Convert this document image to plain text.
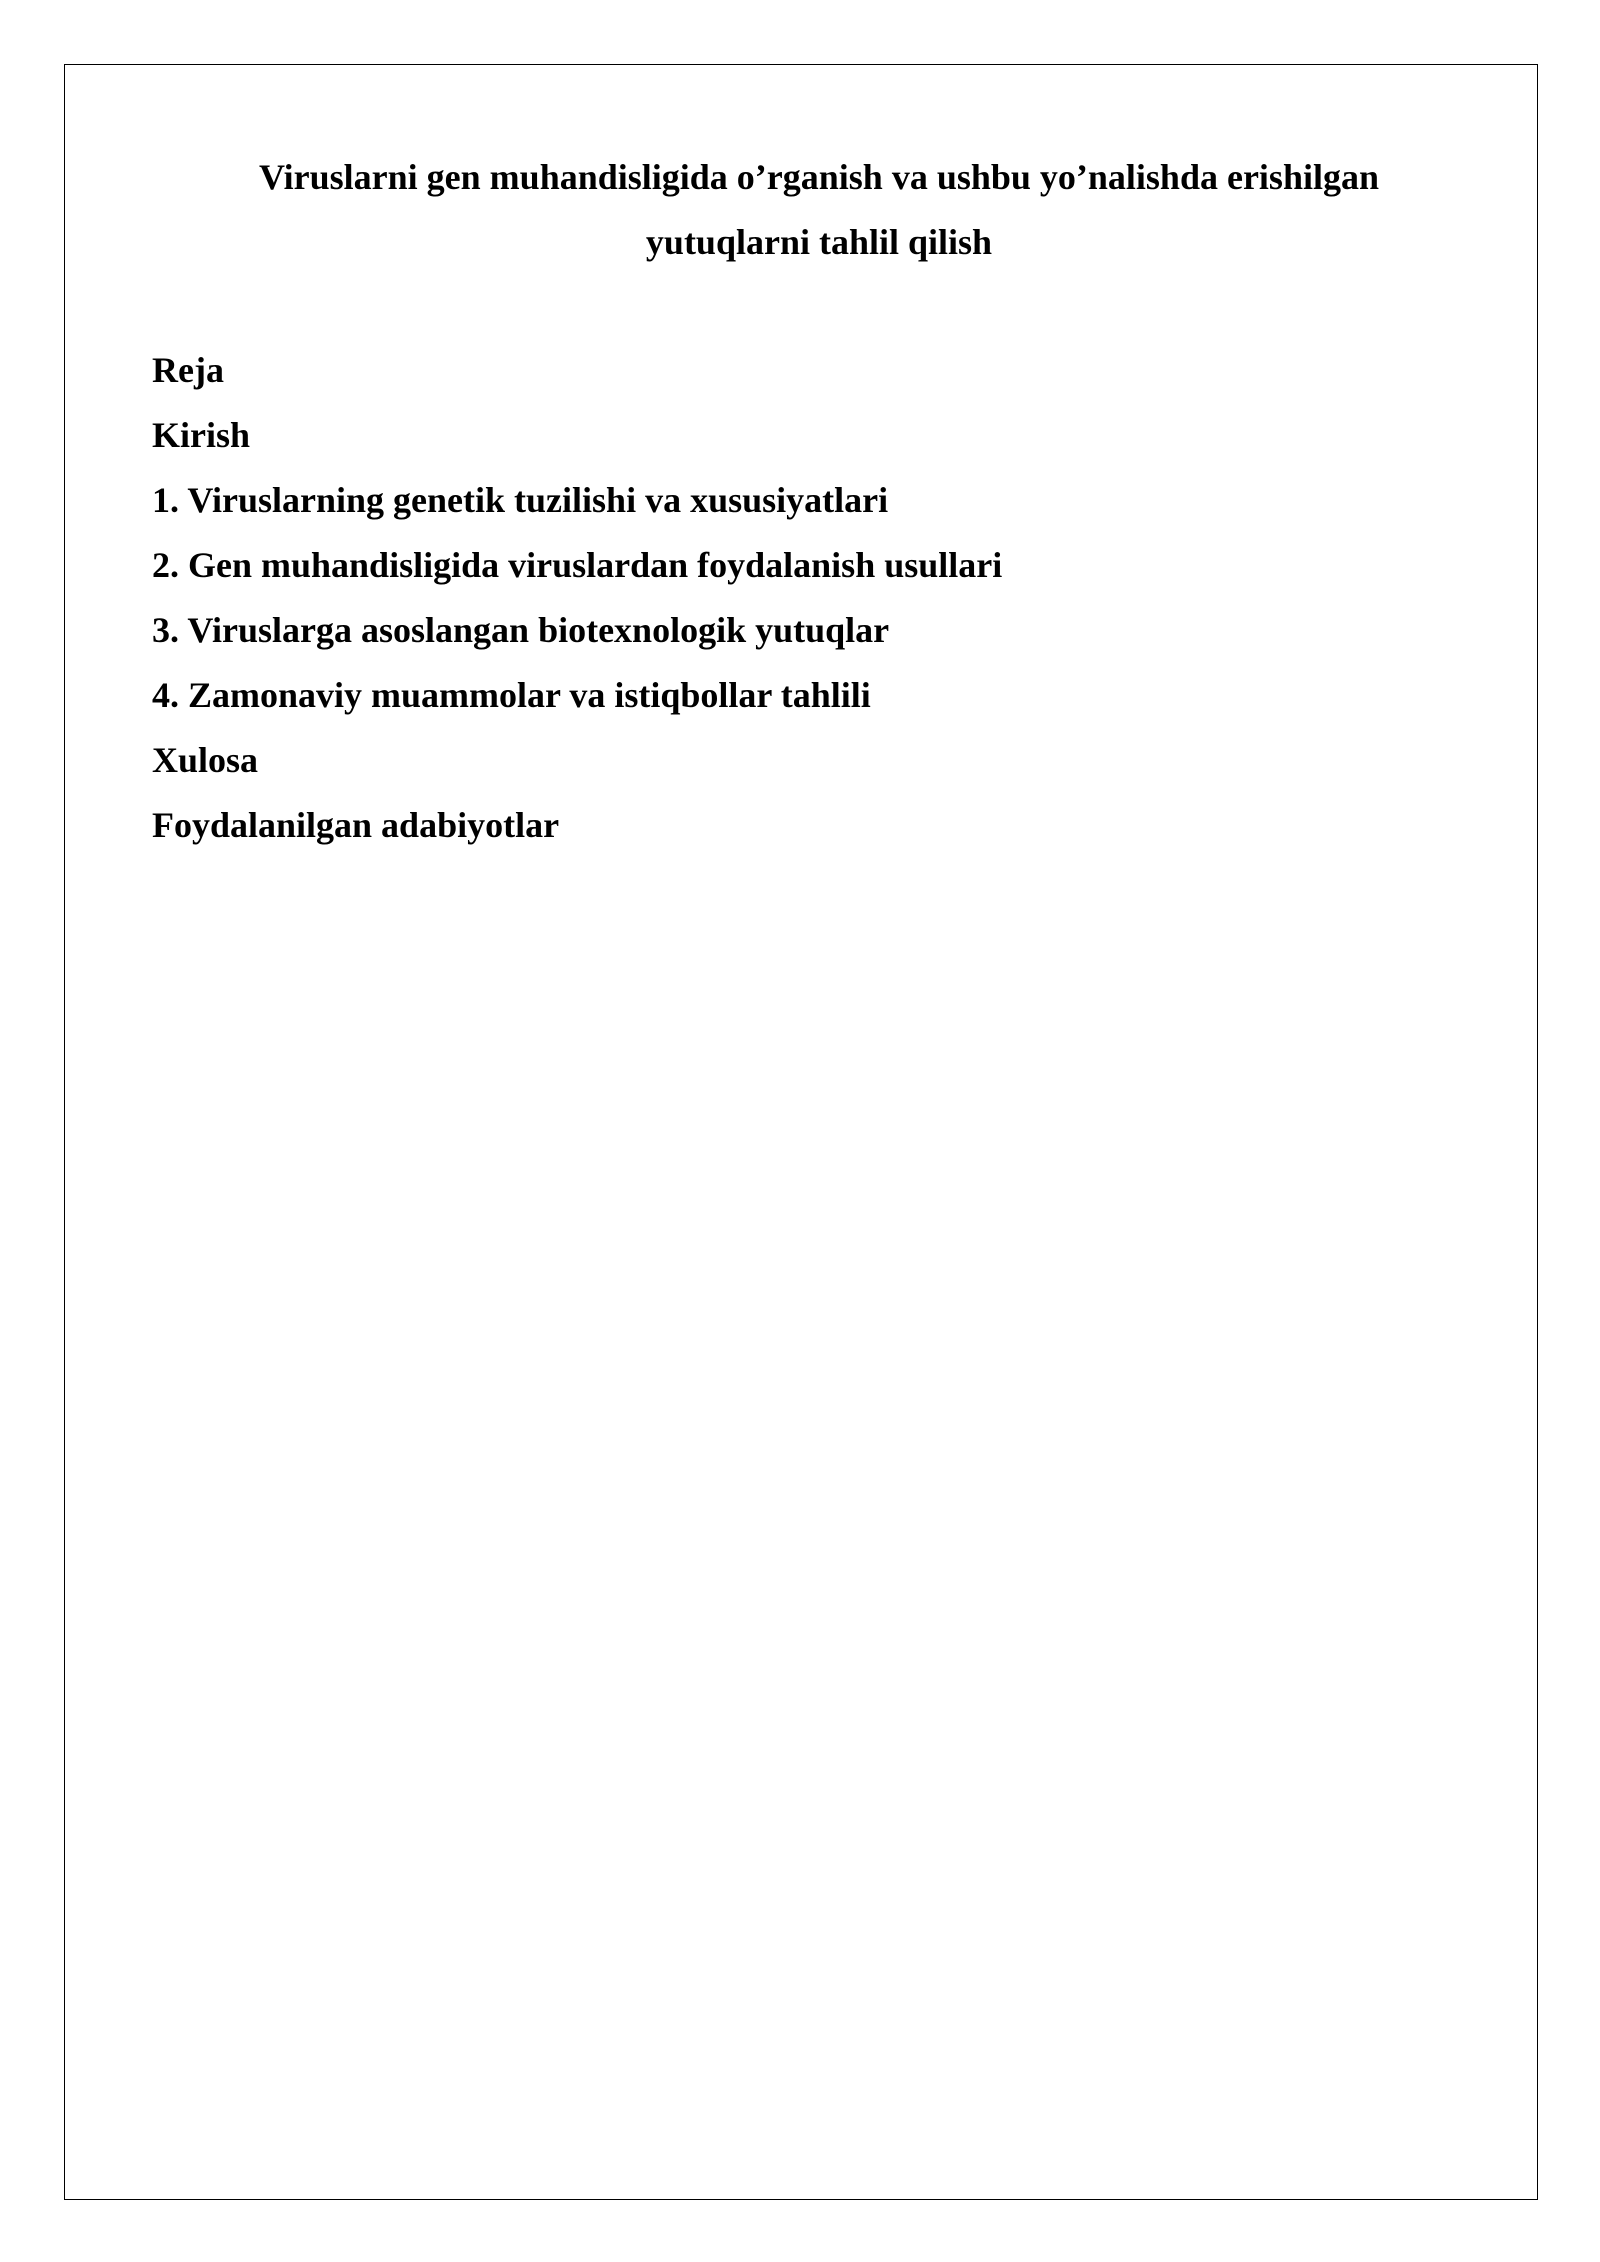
Viruslarni gen muhandisligida o’rganish va ushbu yo’nalishda erishilgan
yutuqlarni tahlil qilish
Reja
Kirish
1. Viruslarning genetik tuzilishi va xususiyatlari
2. Gen muhandisligida viruslardan foydalanish usullari
3. Viruslarga asoslangan biotexnologik yutuqlar
4. Zamonaviy muammolar va istiqbollar tahlili
Xulosa
Foydalanilgan adabiyotlar
